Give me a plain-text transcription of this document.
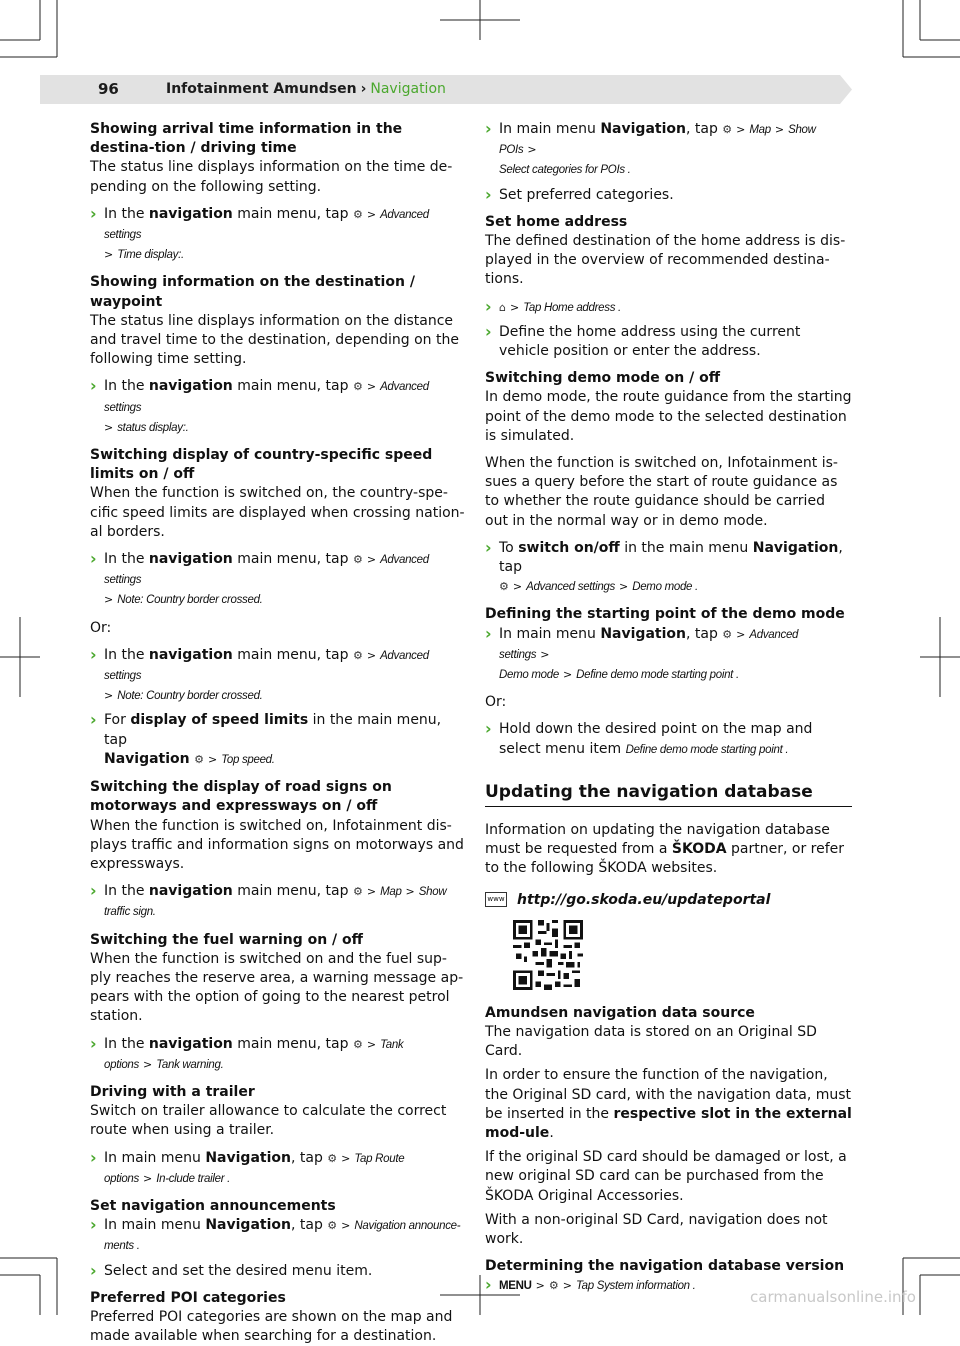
96	Infotainment Amundsen › Navigation

Showing arrival time information in the destina-tion / driving time

The status line displays information on the time de-pending on the following setting.

› In the navigation main menu, tap ⚙ > Advanced settings
> Time display:.

Showing information on the destination / waypoint

The status line displays information on the distance and travel time to the destination, depending on the following time setting.

› In the navigation main menu, tap ⚙ > Advanced settings
> status display:.

Switching display of country-specific speed limits on / off

When the function is switched on, the country-spe-cific speed limits are displayed when crossing nation-al borders.

› In the navigation main menu, tap ⚙ > Advanced settings
> Note: Country border crossed.

Or:

› In the navigation main menu, tap ⚙ > Advanced settings
> Note: Country border crossed.
› For display of speed limits in the main menu, tap
Navigation ⚙ > Top speed.

Switching the display of road signs on motorways and expressways on / off

When the function is switched on, Infotainment dis-plays traffic and information signs on motorways and expressways.

› In the navigation main menu, tap ⚙ > Map > Show traffic sign.

Switching the fuel warning on / off

When the function is switched on and the fuel sup-ply reaches the reserve area, a warning message ap-pears with the option of going to the nearest petrol station.

› In the navigation main menu, tap ⚙ > Tank options > Tank warning.

Driving with a trailer

Switch on trailer allowance to calculate the correct route when using a trailer.

› In main menu Navigation, tap ⚙ > Tap Route options > In-clude trailer .

Set navigation announcements

› In main menu Navigation, tap ⚙ > Navigation announce-ments .
› Select and set the desired menu item.

Preferred POI categories

Preferred POI categories are shown on the map and made available when searching for a destination.

› In main menu Navigation, tap ⚙ > Map > Show POIs >
Select categories for POIs .
› Set preferred categories.

Set home address

The defined destination of the home address is dis-played in the overview of recommended destina-tions.

› ⌂ > Tap Home address .
› Define the home address using the current vehicle position or enter the address.

Switching demo mode on / off

In demo mode, the route guidance from the starting point of the demo mode to the selected destination is simulated.

When the function is switched on, Infotainment is-sues a query before the start of route guidance as to whether the route guidance should be carried out in the normal way or in demo mode.

› To switch on/off in the main menu Navigation, tap
⚙ > Advanced settings > Demo mode .

Defining the starting point of the demo mode

› In main menu Navigation, tap ⚙ > Advanced settings >
Demo mode > Define demo mode starting point .

Or:

› Hold down the desired point on the map and select menu item Define demo mode starting point .

Updating the navigation database

Information on updating the navigation database must be requested from a ŠKODA partner, or refer to the following ŠKODA websites.

www http://go.skoda.eu/updateportal

Amundsen navigation data source

The navigation data is stored on an Original SD Card.

In order to ensure the function of the navigation, the Original SD card, with the navigation data, must be inserted in the respective slot in the external mod-ule.

If the original SD card should be damaged or lost, a new original SD card can be purchased from the ŠKODA Original Accessories.

With a non-original SD Card, navigation does not work.

Determining the navigation database version

› MENU > ⚙ > Tap System information .
carmanualsonline.info
